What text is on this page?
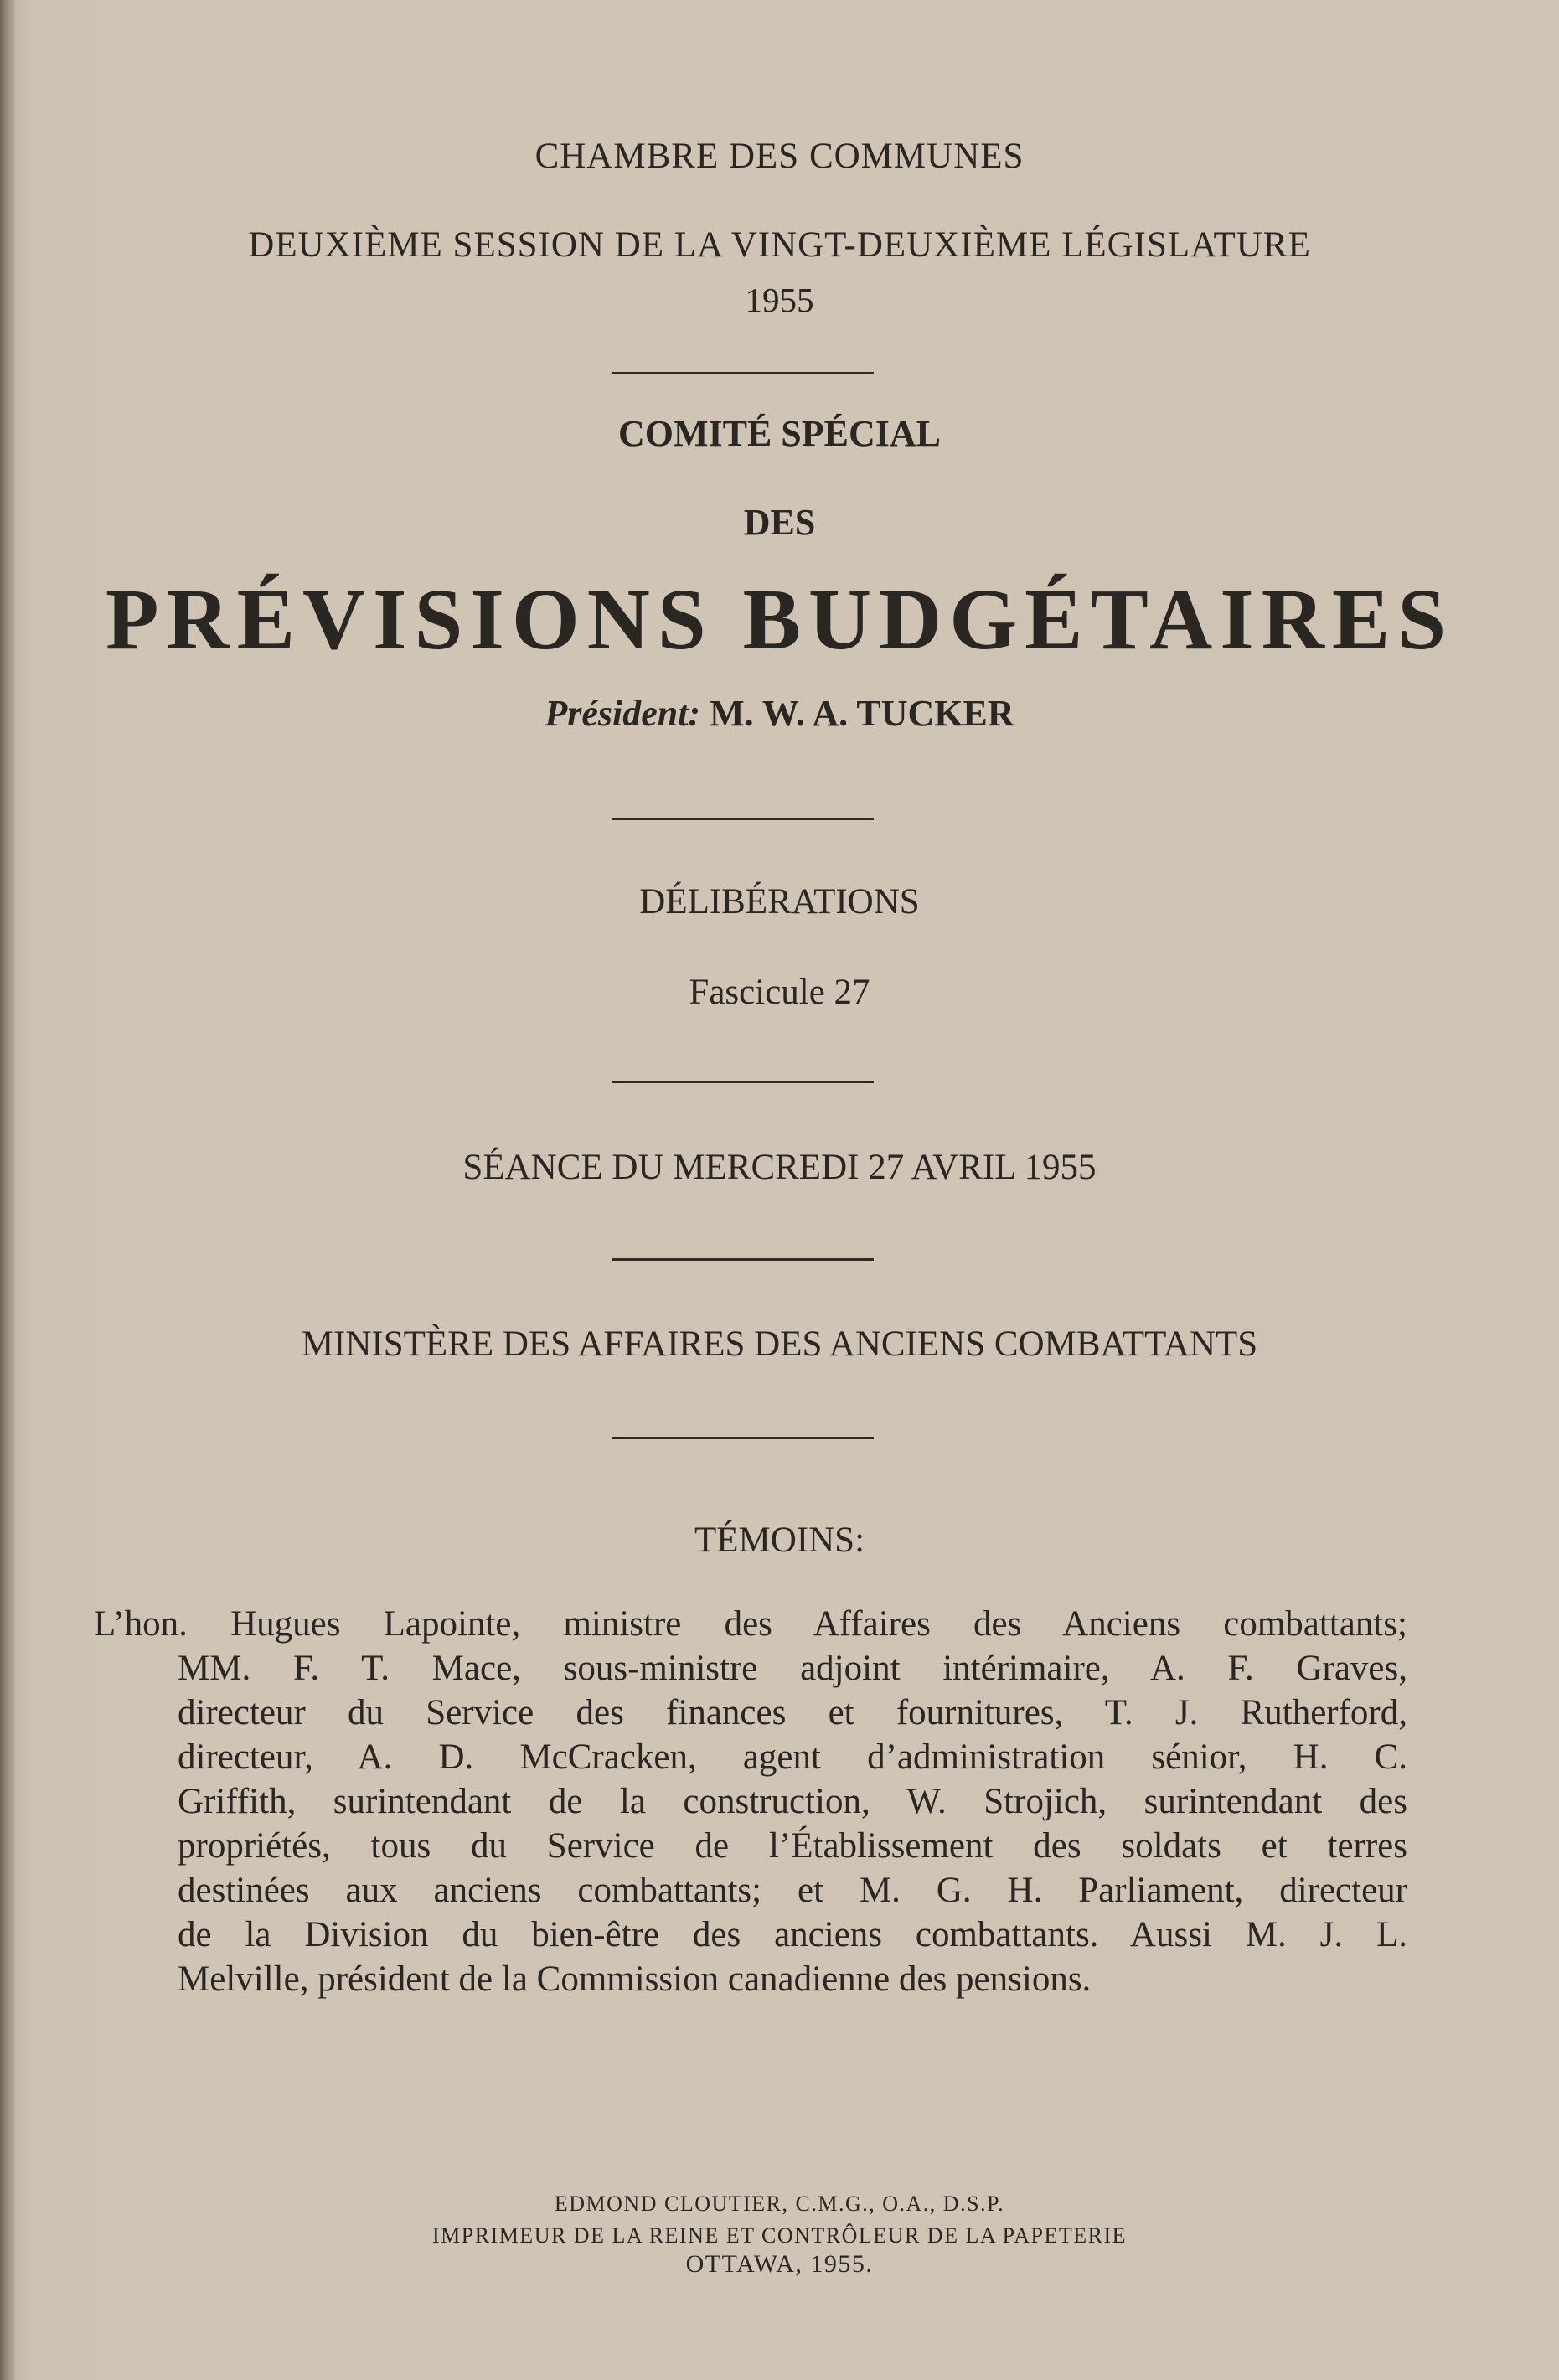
CHAMBRE DES COMMUNES
DEUXIÈME SESSION DE LA VINGT-DEUXIÈME LÉGISLATURE
1955
COMITÉ SPÉCIAL
DES
PRÉVISIONS BUDGÉTAIRES
Président: M. W. A. TUCKER
DÉLIBÉRATIONS
Fascicule 27
SÉANCE DU MERCREDI 27 AVRIL 1955
MINISTÈRE DES AFFAIRES DES ANCIENS COMBATTANTS
TÉMOINS:
L’hon. Hugues Lapointe, ministre des Affaires des Anciens combattants;
MM. F. T. Mace, sous-ministre adjoint intérimaire, A. F. Graves,
directeur du Service des finances et fournitures, T. J. Rutherford,
directeur, A. D. McCracken, agent d’administration sénior, H. C.
Griffith, surintendant de la construction, W. Strojich, surintendant des
propriétés, tous du Service de l’Établissement des soldats et terres
destinées aux anciens combattants; et M. G. H. Parliament, directeur
de la Division du bien-être des anciens combattants. Aussi M. J. L.
Melville, président de la Commission canadienne des pensions.
EDMOND CLOUTIER, C.M.G., O.A., D.S.P.
IMPRIMEUR DE LA REINE ET CONTRÔLEUR DE LA PAPETERIE
OTTAWA, 1955.
